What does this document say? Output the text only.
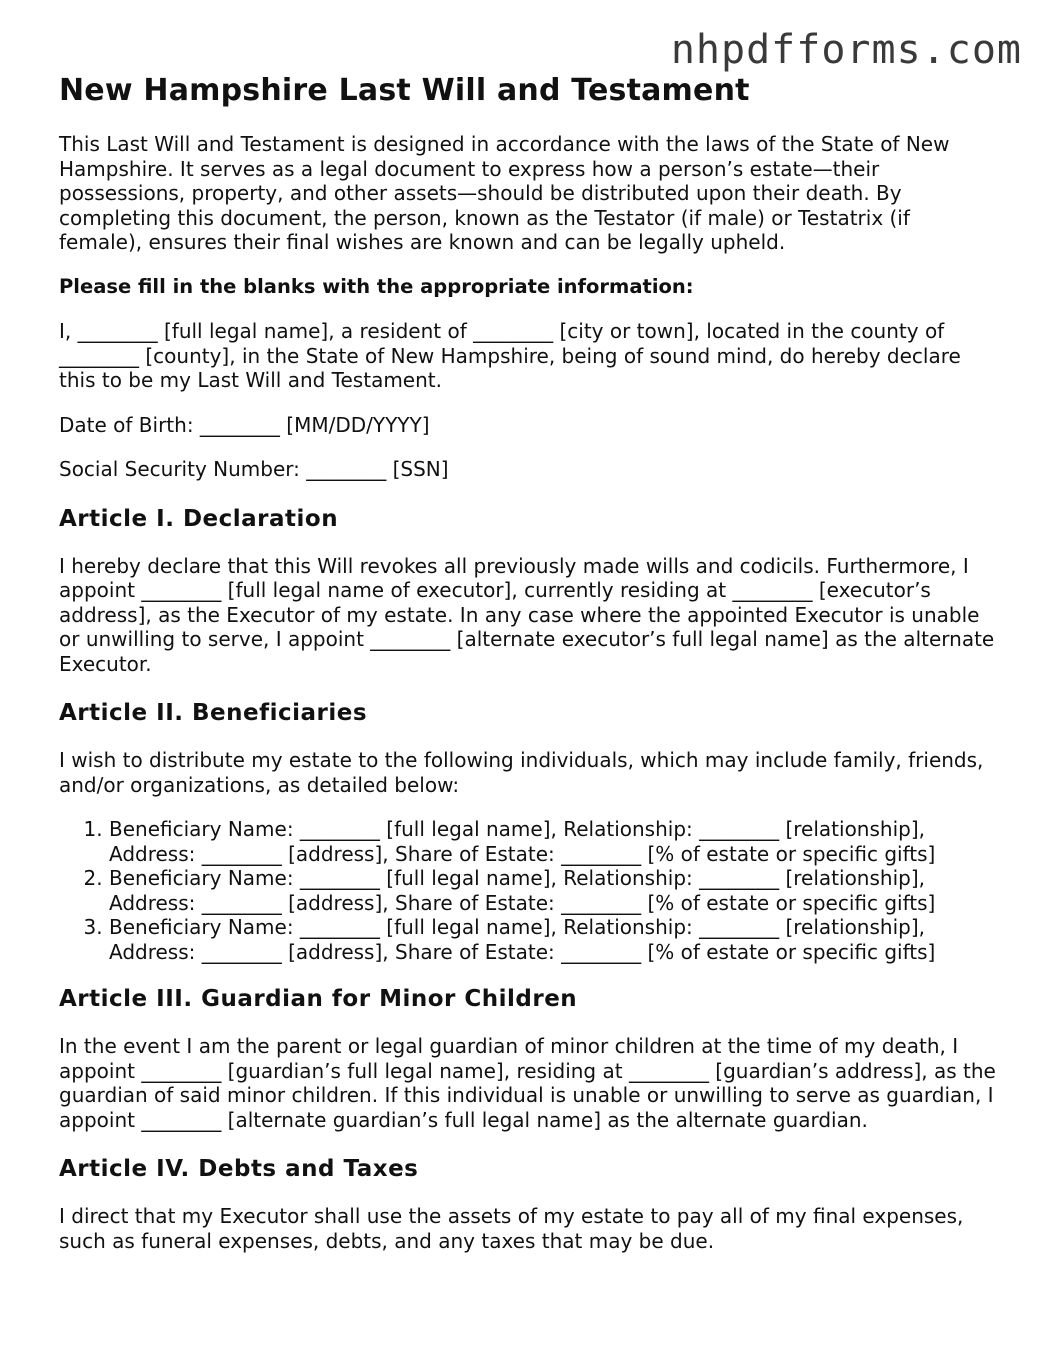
nhpdfforms.com
New Hampshire Last Will and Testament

This Last Will and Testament is designed in accordance with the laws of the State of New Hampshire. It serves as a legal document to express how a person’s estate—their possessions, property, and other assets—should be distributed upon their death. By completing this document, the person, known as the Testator (if male) or Testatrix (if female), ensures their final wishes are known and can be legally upheld.

Please fill in the blanks with the appropriate information:

I, ________ [full legal name], a resident of ________ [city or town], located in the county of ________ [county], in the State of New Hampshire, being of sound mind, do hereby declare this to be my Last Will and Testament.

Date of Birth: ________ [MM/DD/YYYY]

Social Security Number: ________ [SSN]

Article I. Declaration

I hereby declare that this Will revokes all previously made wills and codicils. Furthermore, I appoint ________ [full legal name of executor], currently residing at ________ [executor’s address], as the Executor of my estate. In any case where the appointed Executor is unable or unwilling to serve, I appoint ________ [alternate executor’s full legal name] as the alternate Executor.

Article II. Beneficiaries

I wish to distribute my estate to the following individuals, which may include family, friends, and/or organizations, as detailed below:

1. Beneficiary Name: ________ [full legal name], Relationship: ________ [relationship], Address: ________ [address], Share of Estate: ________ [% of estate or specific gifts]
2. Beneficiary Name: ________ [full legal name], Relationship: ________ [relationship], Address: ________ [address], Share of Estate: ________ [% of estate or specific gifts]
3. Beneficiary Name: ________ [full legal name], Relationship: ________ [relationship], Address: ________ [address], Share of Estate: ________ [% of estate or specific gifts]
Article III. Guardian for Minor Children

In the event I am the parent or legal guardian of minor children at the time of my death, I appoint ________ [guardian’s full legal name], residing at ________ [guardian’s address], as the guardian of said minor children. If this individual is unable or unwilling to serve as guardian, I appoint ________ [alternate guardian’s full legal name] as the alternate guardian.

Article IV. Debts and Taxes

I direct that my Executor shall use the assets of my estate to pay all of my final expenses, such as funeral expenses, debts, and any taxes that may be due.
